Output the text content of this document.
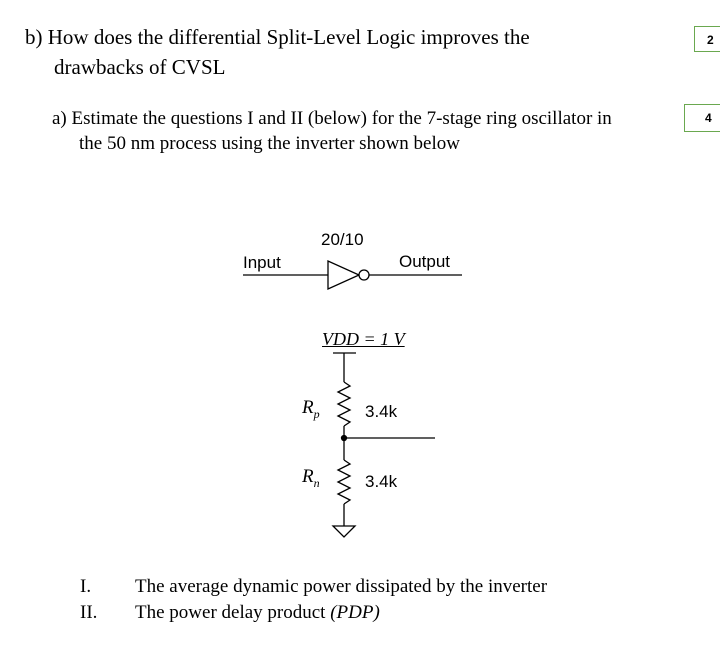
b) How does the differential Split-Level Logic improves the
drawbacks of CVSL
2
a) Estimate the questions I and II (below) for the 7-stage ring oscillator in
the 50 nm process using the inverter shown below
4
20/10
Input	Output
VDD = 1 V
$R_p$	3.4k
$R_n$	3.4k
I.	The average dynamic power dissipated by the inverter
II.	The power delay product (PDP)
